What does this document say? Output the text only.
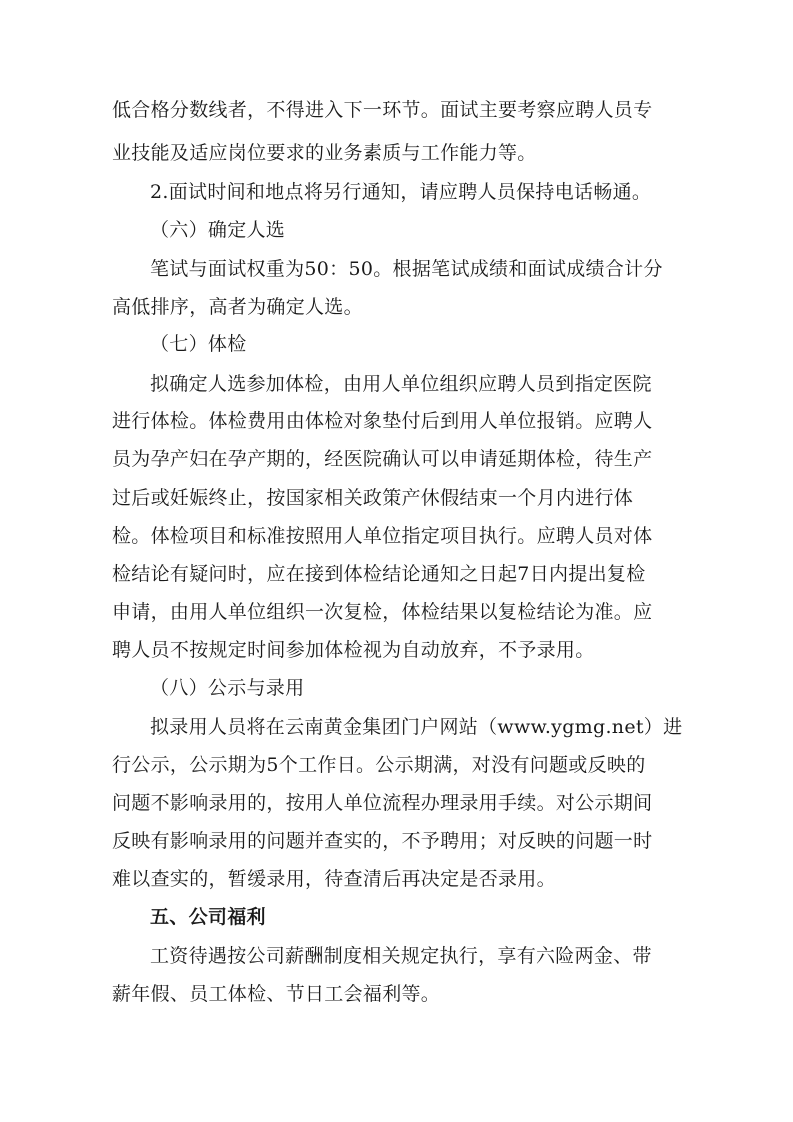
低合格分数线者，不得进入下一环节。面试主要考察应聘人员专
业技能及适应岗位要求的业务素质与工作能力等。
2.面试时间和地点将另行通知，请应聘人员保持电话畅通。
（六）确定人选
笔试与面试权重为50：50。根据笔试成绩和面试成绩合计分
高低排序，高者为确定人选。
（七）体检
拟确定人选参加体检，由用人单位组织应聘人员到指定医院
进行体检。体检费用由体检对象垫付后到用人单位报销。应聘人
员为孕产妇在孕产期的，经医院确认可以申请延期体检，待生产
过后或妊娠终止，按国家相关政策产休假结束一个月内进行体
检。体检项目和标准按照用人单位指定项目执行。应聘人员对体
检结论有疑问时，应在接到体检结论通知之日起7日内提出复检
申请，由用人单位组织一次复检，体检结果以复检结论为准。应
聘人员不按规定时间参加体检视为自动放弃，不予录用。
（八）公示与录用
拟录用人员将在云南黄金集团门户网站（www.ygmg.net）进
行公示，公示期为5个工作日。公示期满，对没有问题或反映的
问题不影响录用的，按用人单位流程办理录用手续。对公示期间
反映有影响录用的问题并查实的，不予聘用；对反映的问题一时
难以查实的，暂缓录用，待查清后再决定是否录用。
五、公司福利
工资待遇按公司薪酬制度相关规定执行，享有六险两金、带
薪年假、员工体检、节日工会福利等。
